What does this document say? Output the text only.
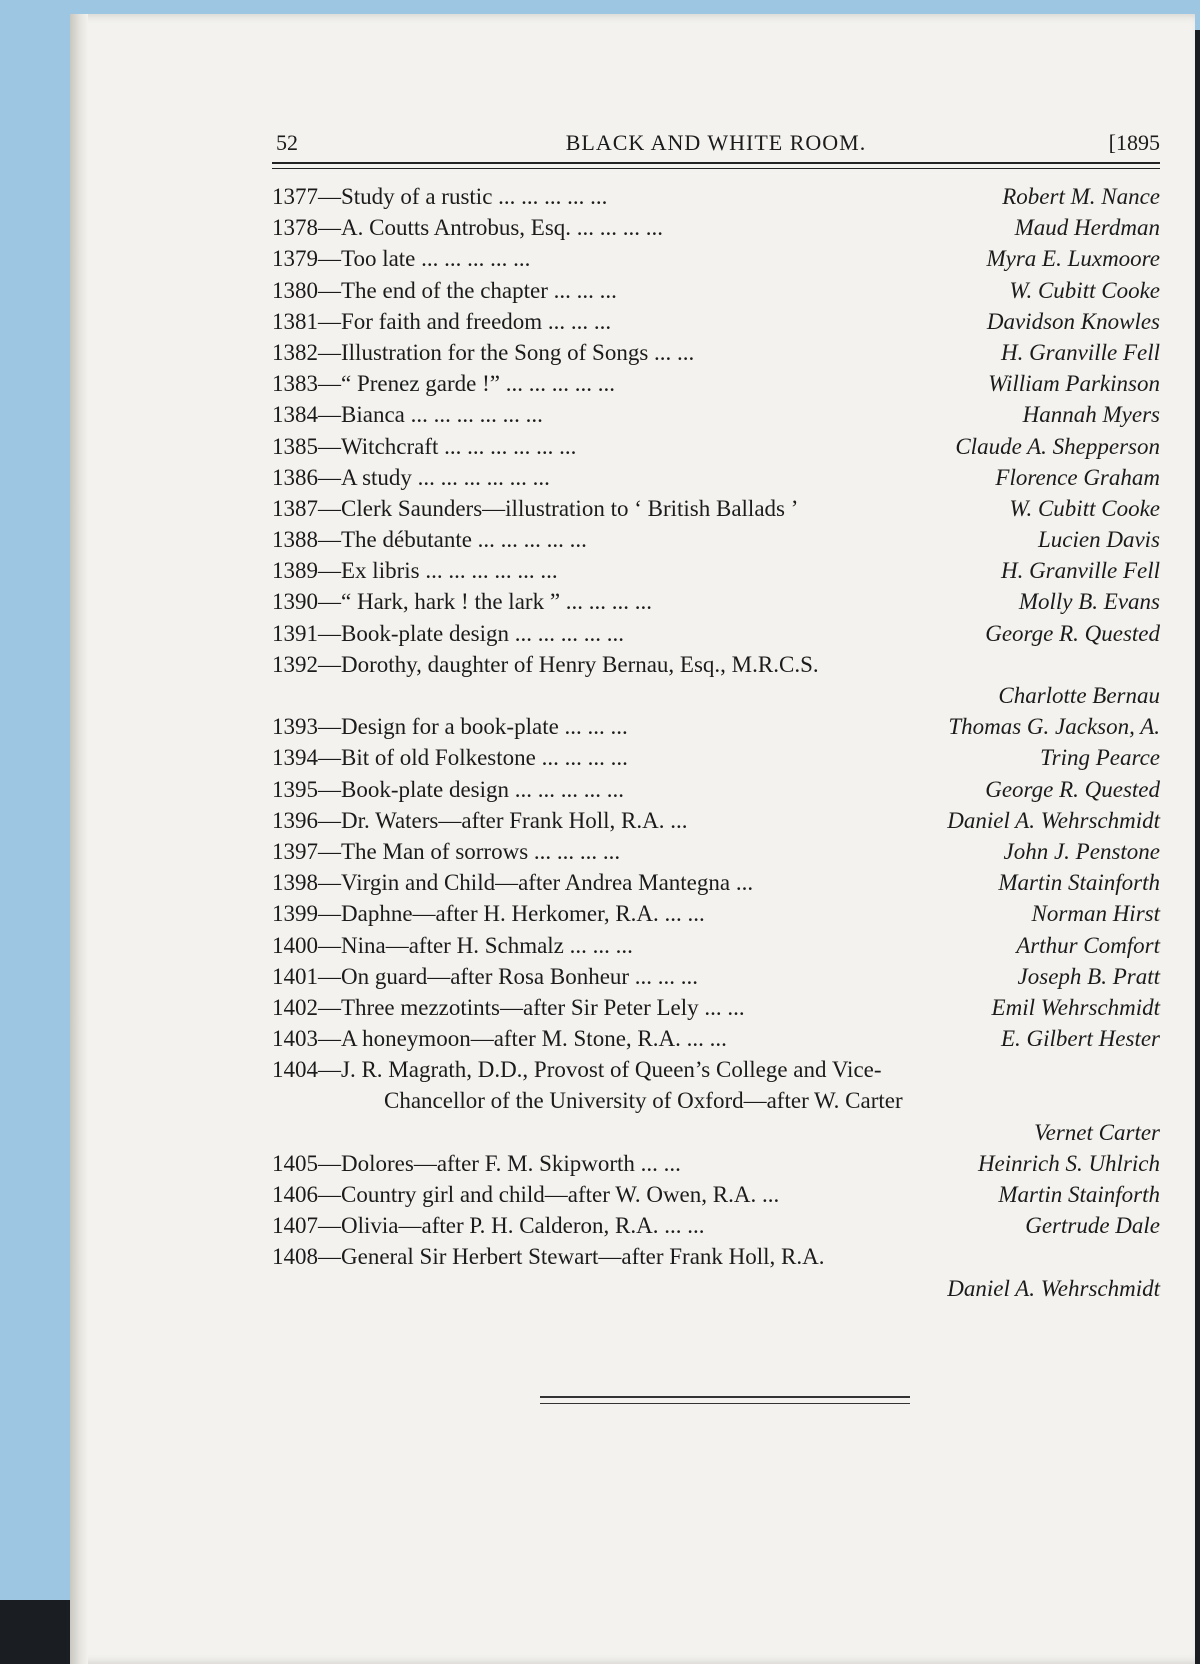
52	BLACK AND WHITE ROOM.	[1895
1377—Study of a rustic ... ... ... ... ...	Robert M. Nance
1378—A. Coutts Antrobus, Esq. ... ... ... ...	Maud Herdman
1379—Too late ... ... ... ... ...	Myra E. Luxmoore
1380—The end of the chapter ... ... ...	W. Cubitt Cooke
1381—For faith and freedom ... ... ...	Davidson Knowles
1382—Illustration for the Song of Songs ... ...	H. Granville Fell
1383—“ Prenez garde !” ... ... ... ... ...	William Parkinson
1384—Bianca ... ... ... ... ... ...	Hannah Myers
1385—Witchcraft ... ... ... ... ... ...	Claude A. Shepperson
1386—A study ... ... ... ... ... ...	Florence Graham
1387—Clerk Saunders—illustration to ‘ British Ballads ’	W. Cubitt Cooke
1388—The débutante ... ... ... ... ...	Lucien Davis
1389—Ex libris ... ... ... ... ... ...	H. Granville Fell
1390—“ Hark, hark ! the lark ” ... ... ... ...	Molly B. Evans
1391—Book-plate design ... ... ... ... ...	George R. Quested
1392—Dorothy, daughter of Henry Bernau, Esq., M.R.C.S.
Charlotte Bernau
1393—Design for a book-plate ... ... ...	Thomas G. Jackson, A.
1394—Bit of old Folkestone ... ... ... ...	Tring Pearce
1395—Book-plate design ... ... ... ... ...	George R. Quested
1396—Dr. Waters—after Frank Holl, R.A. ...	Daniel A. Wehrschmidt
1397—The Man of sorrows ... ... ... ...	John J. Penstone
1398—Virgin and Child—after Andrea Mantegna ...	Martin Stainforth
1399—Daphne—after H. Herkomer, R.A. ... ...	Norman Hirst
1400—Nina—after H. Schmalz ... ... ...	Arthur Comfort
1401—On guard—after Rosa Bonheur ... ... ...	Joseph B. Pratt
1402—Three mezzotints—after Sir Peter Lely ... ...	Emil Wehrschmidt
1403—A honeymoon—after M. Stone, R.A. ... ...	E. Gilbert Hester
1404—J. R. Magrath, D.D., Provost of Queen’s College and Vice-
Chancellor of the University of Oxford—after W. Carter
Vernet Carter
1405—Dolores—after F. M. Skipworth ... ...	Heinrich S. Uhlrich
1406—Country girl and child—after W. Owen, R.A. ...	Martin Stainforth
1407—Olivia—after P. H. Calderon, R.A. ... ...	Gertrude Dale
1408—General Sir Herbert Stewart—after Frank Holl, R.A.
Daniel A. Wehrschmidt
